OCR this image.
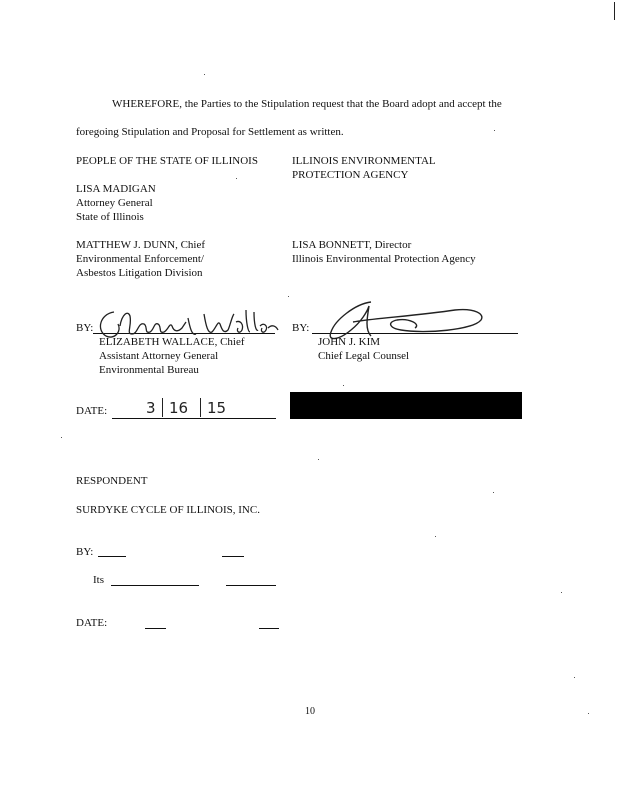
WHEREFORE, the Parties to the Stipulation request that the Board adopt and accept the
foregoing Stipulation and Proposal for Settlement as written.
PEOPLE OF THE STATE OF ILLINOIS
LISA MADIGAN
Attorney General
State of Illinois
MATTHEW J. DUNN, Chief
Environmental Enforcement/
Asbestos Litigation Division
BY:
ELIZABETH WALLACE, Chief
Assistant Attorney General
Environmental Bureau
DATE:	3 16 15
ILLINOIS ENVIRONMENTAL
PROTECTION AGENCY
LISA BONNETT, Director
Illinois Environmental Protection Agency
BY:
JOHN J. KIM
Chief Legal Counsel
RESPONDENT
SURDYKE CYCLE OF ILLINOIS, INC.
BY:
Its
DATE:
10
